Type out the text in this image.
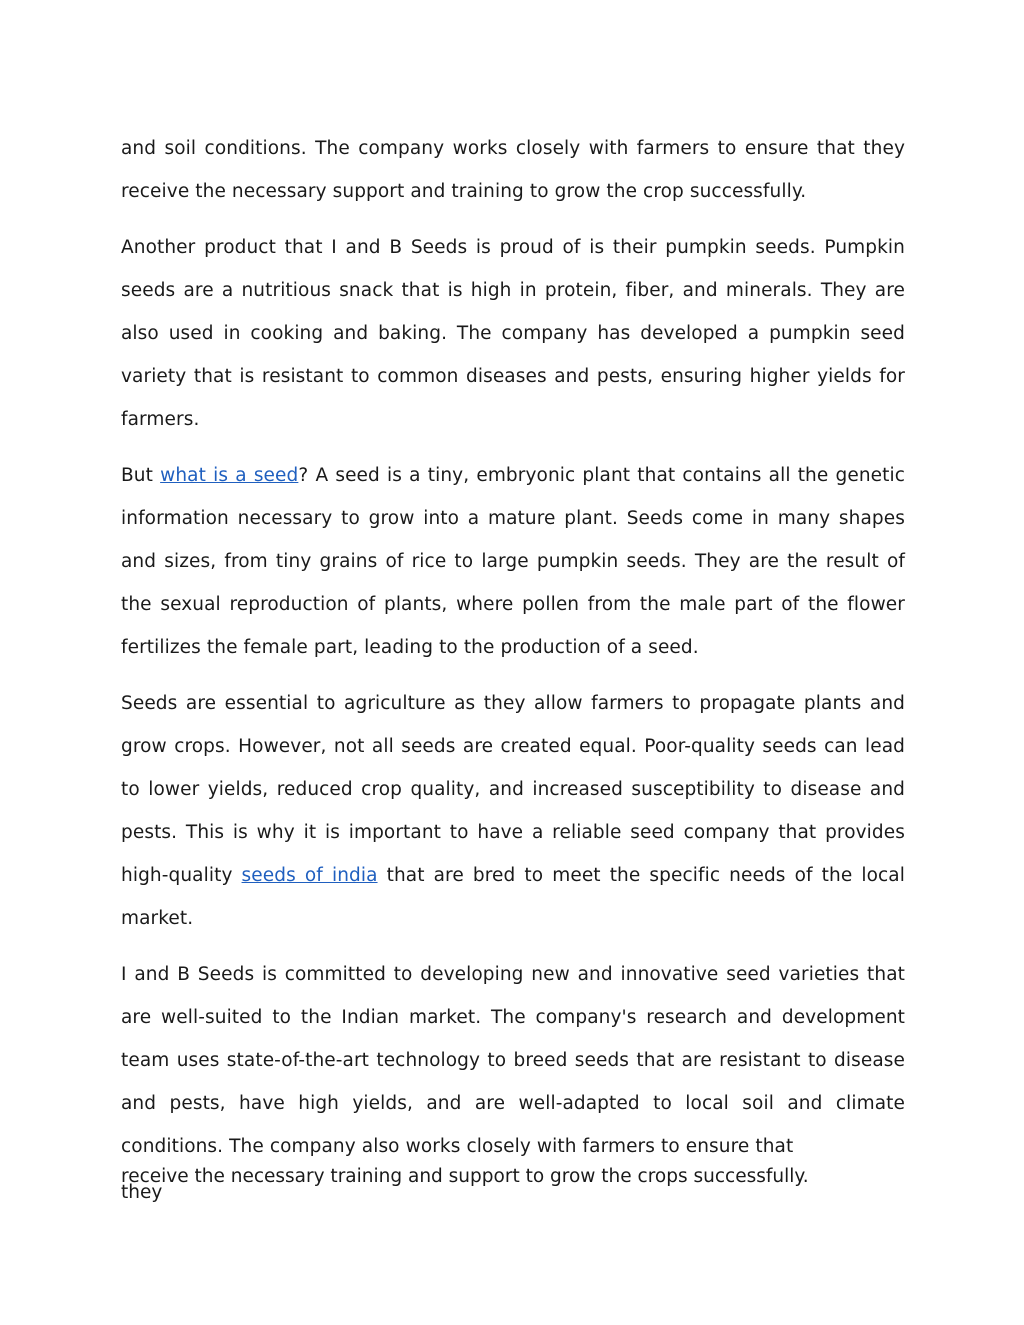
and soil conditions. The company works closely with farmers to ensure that they receive the necessary support and training to grow the crop successfully.

Another product that I and B Seeds is proud of is their pumpkin seeds. Pumpkin seeds are a nutritious snack that is high in protein, fiber, and minerals. They are also used in cooking and baking. The company has developed a pumpkin seed variety that is resistant to common diseases and pests, ensuring higher yields for farmers.

But what is a seed? A seed is a tiny, embryonic plant that contains all the genetic information necessary to grow into a mature plant. Seeds come in many shapes and sizes, from tiny grains of rice to large pumpkin seeds. They are the result of the sexual reproduction of plants, where pollen from the male part of the flower fertilizes the female part, leading to the production of a seed.

Seeds are essential to agriculture as they allow farmers to propagate plants and grow crops. However, not all seeds are created equal. Poor-quality seeds can lead to lower yields, reduced crop quality, and increased susceptibility to disease and pests. This is why it is important to have a reliable seed company that provides high-quality seeds of india that are bred to meet the specific needs of the local market.

I and B Seeds is committed to developing new and innovative seed varieties that are well-suited to the Indian market. The company's research and development team uses state-of-the-art technology to breed seeds that are resistant to disease and pests, have high yields, and are well-adapted to local soil and climate conditions. The company also works closely with farmers to ensure that

receive the necessary training and support to grow the crops successfully.
they
